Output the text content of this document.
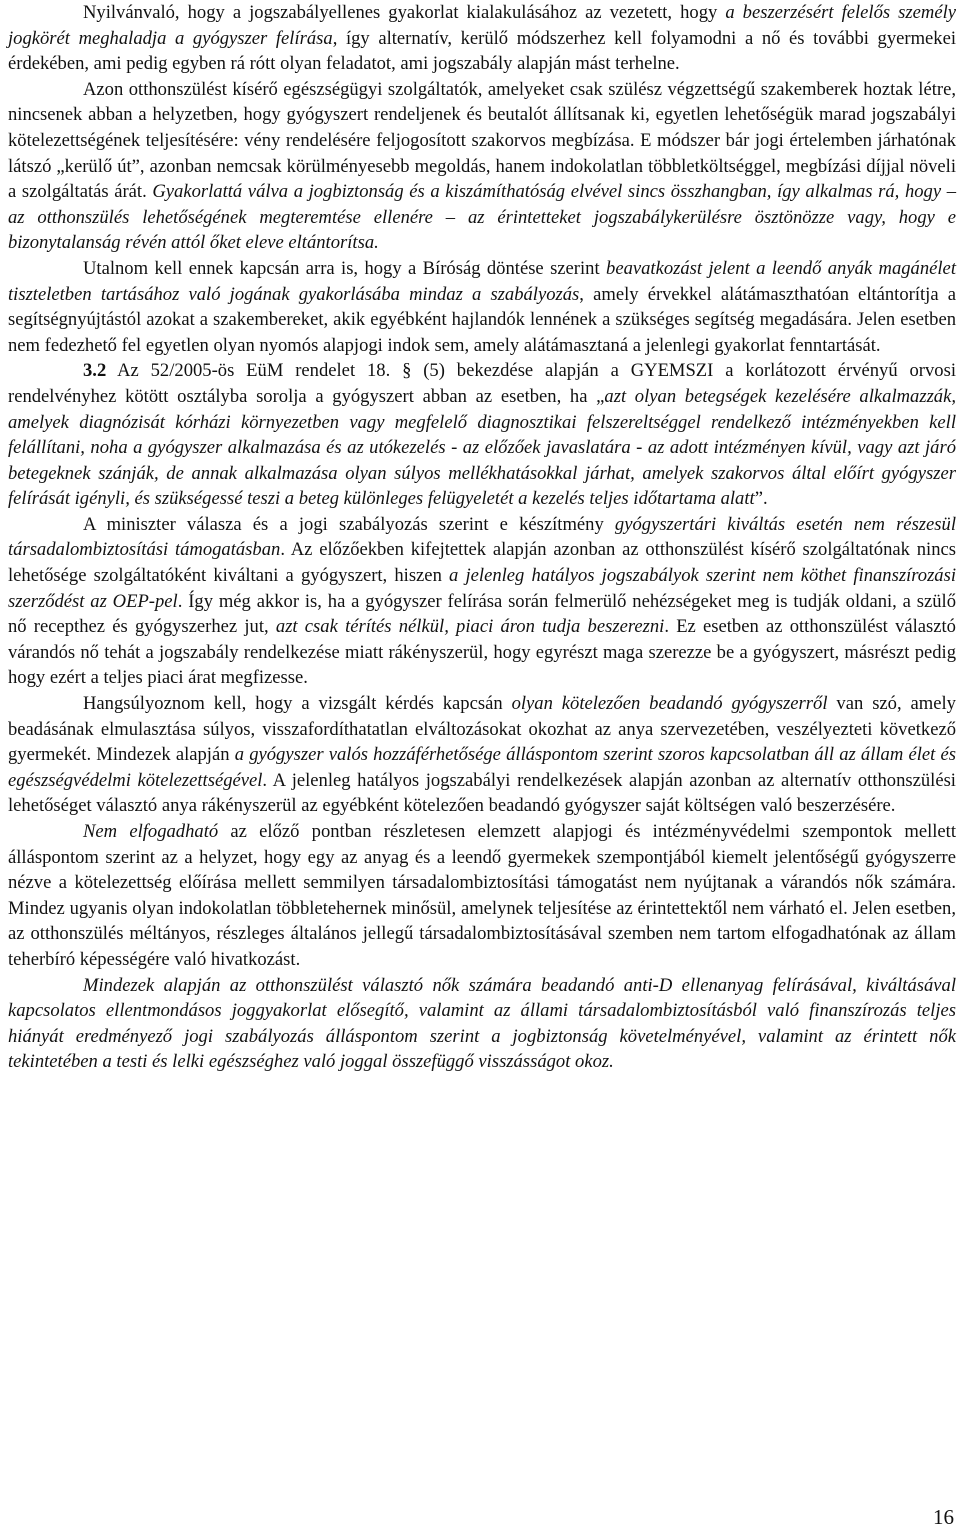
Nyilvánvaló, hogy a jogszabályellenes gyakorlat kialakulásához az vezetett, hogy a beszerzésért felelős személy jogkörét meghaladja a gyógyszer felírása, így alternatív, kerülő módszerhez kell folyamodni a nő és további gyermekei érdekében, ami pedig egyben rá rótt olyan feladatot, ami jogszabály alapján mást terhelne.

Azon otthonszülést kísérő egészségügyi szolgáltatók, amelyeket csak szülész végzettségű szakemberek hoztak létre, nincsenek abban a helyzetben, hogy gyógyszert rendeljenek és beutalót állítsanak ki, egyetlen lehetőségük marad jogszabályi kötelezettségének teljesítésére: vény rendelésére feljogosított szakorvos megbízása. E módszer bár jogi értelemben járhatónak látszó „kerülő út”, azonban nemcsak körülményesebb megoldás, hanem indokolatlan többletköltséggel, megbízási díjjal növeli a szolgáltatás árát. Gyakorlattá válva a jogbiztonság és a kiszámíthatóság elvével sincs összhangban, így alkalmas rá, hogy – az otthonszülés lehetőségének megteremtése ellenére – az érintetteket jogszabálykerülésre ösztönözze vagy, hogy e bizonytalanság révén attól őket eleve eltántorítsa.

Utalnom kell ennek kapcsán arra is, hogy a Bíróság döntése szerint beavatkozást jelent a leendő anyák magánélet tiszteletben tartásához való jogának gyakorlásába mindaz a szabályozás, amely érvekkel alátámaszthatóan eltántorítja a segítségnyújtástól azokat a szakembereket, akik egyébként hajlandók lennének a szükséges segítség megadására. Jelen esetben nem fedezhető fel egyetlen olyan nyomós alapjogi indok sem, amely alátámasztaná a jelenlegi gyakorlat fenntartását.

3.2 Az 52/2005-ös EüM rendelet 18. § (5) bekezdése alapján a GYEMSZI a korlátozott érvényű orvosi rendelvényhez kötött osztályba sorolja a gyógyszert abban az esetben, ha „azt olyan betegségek kezelésére alkalmazzák, amelyek diagnózisát kórházi környezetben vagy megfelelő diagnosztikai felszereltséggel rendelkező intézményekben kell felállítani, noha a gyógyszer alkalmazása és az utókezelés - az előzőek javaslatára - az adott intézményen kívül, vagy azt járó betegeknek szánják, de annak alkalmazása olyan súlyos mellékhatásokkal járhat, amelyek szakorvos által előírt gyógyszer felírását igényli, és szükségessé teszi a beteg különleges felügyeletét a kezelés teljes időtartama alatt”.

A miniszter válasza és a jogi szabályozás szerint e készítmény gyógyszertári kiváltás esetén nem részesül társadalombiztosítási támogatásban. Az előzőekben kifejtettek alapján azonban az otthonszülést kísérő szolgáltatónak nincs lehetősége szolgáltatóként kiváltani a gyógyszert, hiszen a jelenleg hatályos jogszabályok szerint nem köthet finanszírozási szerződést az OEP-pel. Így még akkor is, ha a gyógyszer felírása során felmerülő nehézségeket meg is tudják oldani, a szülő nő recepthez és gyógyszerhez jut, azt csak térítés nélkül, piaci áron tudja beszerezni. Ez esetben az otthonszülést választó várandós nő tehát a jogszabály rendelkezése miatt rákényszerül, hogy egyrészt maga szerezze be a gyógyszert, másrészt pedig hogy ezért a teljes piaci árat megfizesse.

Hangsúlyoznom kell, hogy a vizsgált kérdés kapcsán olyan kötelezően beadandó gyógyszerről van szó, amely beadásának elmulasztása súlyos, visszafordíthatatlan elváltozásokat okozhat az anya szervezetében, veszélyezteti következő gyermekét. Mindezek alapján a gyógyszer valós hozzáférhetősége álláspontom szerint szoros kapcsolatban áll az állam élet és egészségvédelmi kötelezettségével. A jelenleg hatályos jogszabályi rendelkezések alapján azonban az alternatív otthonszülési lehetőséget választó anya rákényszerül az egyébként kötelezően beadandó gyógyszer saját költségen való beszerzésére.

Nem elfogadható az előző pontban részletesen elemzett alapjogi és intézményvédelmi szempontok mellett álláspontom szerint az a helyzet, hogy egy az anyag és a leendő gyermekek szempontjából kiemelt jelentőségű gyógyszerre nézve a kötelezettség előírása mellett semmilyen társadalombiztosítási támogatást nem nyújtanak a várandós nők számára. Mindez ugyanis olyan indokolatlan többletehernek minősül, amelynek teljesítése az érintettektől nem várható el. Jelen esetben, az otthonszülés méltányos, részleges általános jellegű társadalombiztosításával szemben nem tartom elfogadhatónak az állam teherbíró képességére való hivatkozást.

Mindezek alapján az otthonszülést választó nők számára beadandó anti-D ellenanyag felírásával, kiváltásával kapcsolatos ellentmondásos joggyakorlat elősegítő, valamint az állami társadalombiztosításból való finanszírozás teljes hiányát eredményező jogi szabályozás álláspontom szerint a jogbiztonság követelményével, valamint az érintett nők tekintetében a testi és lelki egészséghez való joggal összefüggő visszásságot okoz.

16
